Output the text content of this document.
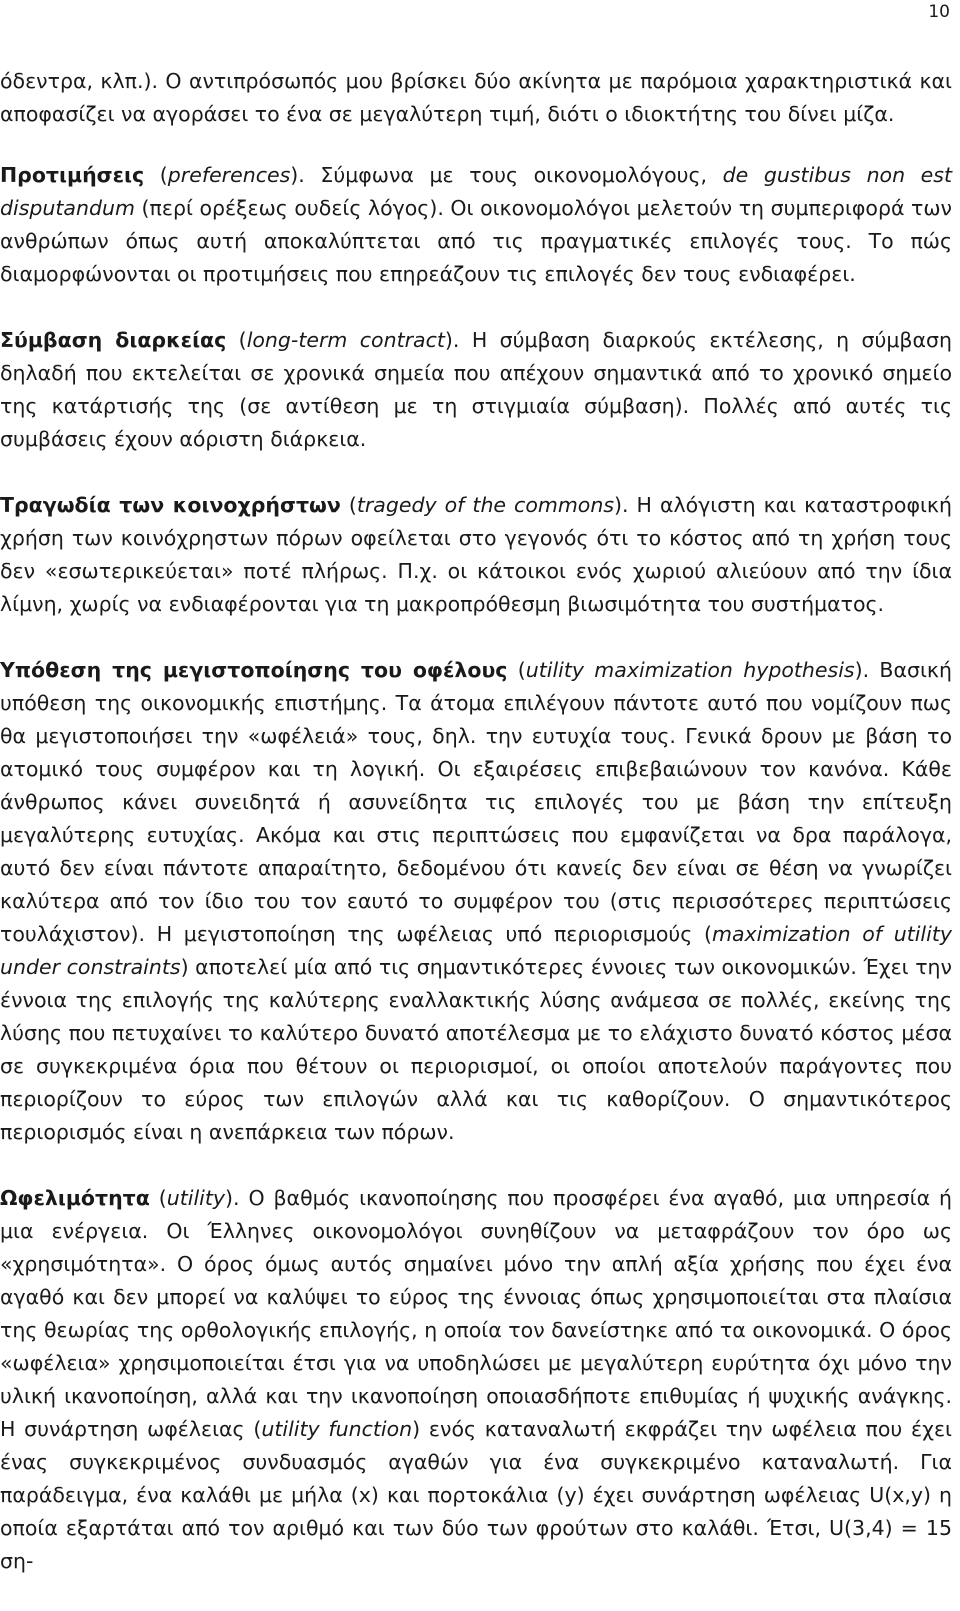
10

όδεντρα, κλπ.). Ο αντιπρόσωπός μου βρίσκει δύο ακίνητα με παρόμοια χαρακτηριστικά και αποφασίζει να αγοράσει το ένα σε μεγαλύτερη τιμή, διότι ο ιδιοκτήτης του δίνει μίζα.

Προτιμήσεις (preferences). Σύμφωνα με τους οικονομολόγους, de gustibus non est disputandum (περί ορέξεως ουδείς λόγος). Οι οικονομολόγοι μελετούν τη συμπεριφορά των ανθρώπων όπως αυτή αποκαλύπτεται από τις πραγματικές επιλογές τους. Το πώς διαμορφώνονται οι προτιμήσεις που επηρεάζουν τις επιλογές δεν τους ενδιαφέρει.

Σύμβαση διαρκείας (long-term contract). Η σύμβαση διαρκούς εκτέλεσης, η σύμβαση δηλαδή που εκτελείται σε χρονικά σημεία που απέχουν σημαντικά από το χρονικό σημείο της κατάρτισής της (σε αντίθεση με τη στιγμιαία σύμβαση). Πολλές από αυτές τις συμβάσεις έχουν αόριστη διάρκεια.

Τραγωδία των κοινοχρήστων (tragedy of the commons). Η αλόγιστη και καταστροφική χρήση των κοινόχρηστων πόρων οφείλεται στο γεγονός ότι το κόστος από τη χρήση τους δεν «εσωτερικεύεται» ποτέ πλήρως. Π.χ. οι κάτοικοι ενός χωριού αλιεύουν από την ίδια λίμνη, χωρίς να ενδιαφέρονται για τη μακροπρόθεσμη βιωσιμότητα του συστήματος.

Υπόθεση της μεγιστοποίησης του οφέλους (utility maximization hypothesis). Βασική υπόθεση της οικονομικής επιστήμης. Τα άτομα επιλέγουν πάντοτε αυτό που νομίζουν πως θα μεγιστοποιήσει την «ωφέλειά» τους, δηλ. την ευτυχία τους. Γενικά δρουν με βάση το ατομικό τους συμφέρον και τη λογική. Οι εξαιρέσεις επιβεβαιώνουν τον κανόνα. Κάθε άνθρωπος κάνει συνειδητά ή ασυνείδητα τις επιλογές του με βάση την επίτευξη μεγαλύτερης ευτυχίας. Ακόμα και στις περιπτώσεις που εμφανίζεται να δρα παράλογα, αυτό δεν είναι πάντοτε απαραίτητο, δεδομένου ότι κανείς δεν είναι σε θέση να γνωρίζει καλύτερα από τον ίδιο του τον εαυτό το συμφέρον του (στις περισσότερες περιπτώσεις τουλάχιστον). Η μεγιστοποίηση της ωφέλειας υπό περιορισμούς (maximization of utility under constraints) αποτελεί μία από τις σημαντικότερες έννοιες των οικονομικών. Έχει την έννοια της επιλογής της καλύτερης εναλλακτικής λύσης ανάμεσα σε πολλές, εκείνης της λύσης που πετυχαίνει το καλύτερο δυνατό αποτέλεσμα με το ελάχιστο δυνατό κόστος μέσα σε συγκεκριμένα όρια που θέτουν οι περιορισμοί, οι οποίοι αποτελούν παράγοντες που περιορίζουν το εύρος των επιλογών αλλά και τις καθορίζουν. Ο σημαντικότερος περιορισμός είναι η ανεπάρκεια των πόρων.

Ωφελιμότητα (utility). Ο βαθμός ικανοποίησης που προσφέρει ένα αγαθό, μια υπηρεσία ή μια ενέργεια. Οι Έλληνες οικονομολόγοι συνηθίζουν να μεταφράζουν τον όρο ως «χρησιμότητα». Ο όρος όμως αυτός σημαίνει μόνο την απλή αξία χρήσης που έχει ένα αγαθό και δεν μπορεί να καλύψει το εύρος της έννοιας όπως χρησιμοποιείται στα πλαίσια της θεωρίας της ορθολογικής επιλογής, η οποία τον δανείστηκε από τα οικονομικά. Ο όρος «ωφέλεια» χρησιμοποιείται έτσι για να υποδηλώσει με μεγαλύτερη ευρύτητα όχι μόνο την υλική ικανοποίηση, αλλά και την ικανοποίηση οποιασδήποτε επιθυμίας ή ψυχικής ανάγκης. Η συνάρτηση ωφέλειας (utility function) ενός καταναλωτή εκφράζει την ωφέλεια που έχει ένας συγκεκριμένος συνδυασμός αγαθών για ένα συγκεκριμένο καταναλωτή. Για παράδειγμα, ένα καλάθι με μήλα (x) και πορτοκάλια (y) έχει συνάρτηση ωφέλειας U(x,y) η οποία εξαρτάται από τον αριθμό και των δύο των φρούτων στο καλάθι. Έτσι, U(3,4) = 15 ση-
